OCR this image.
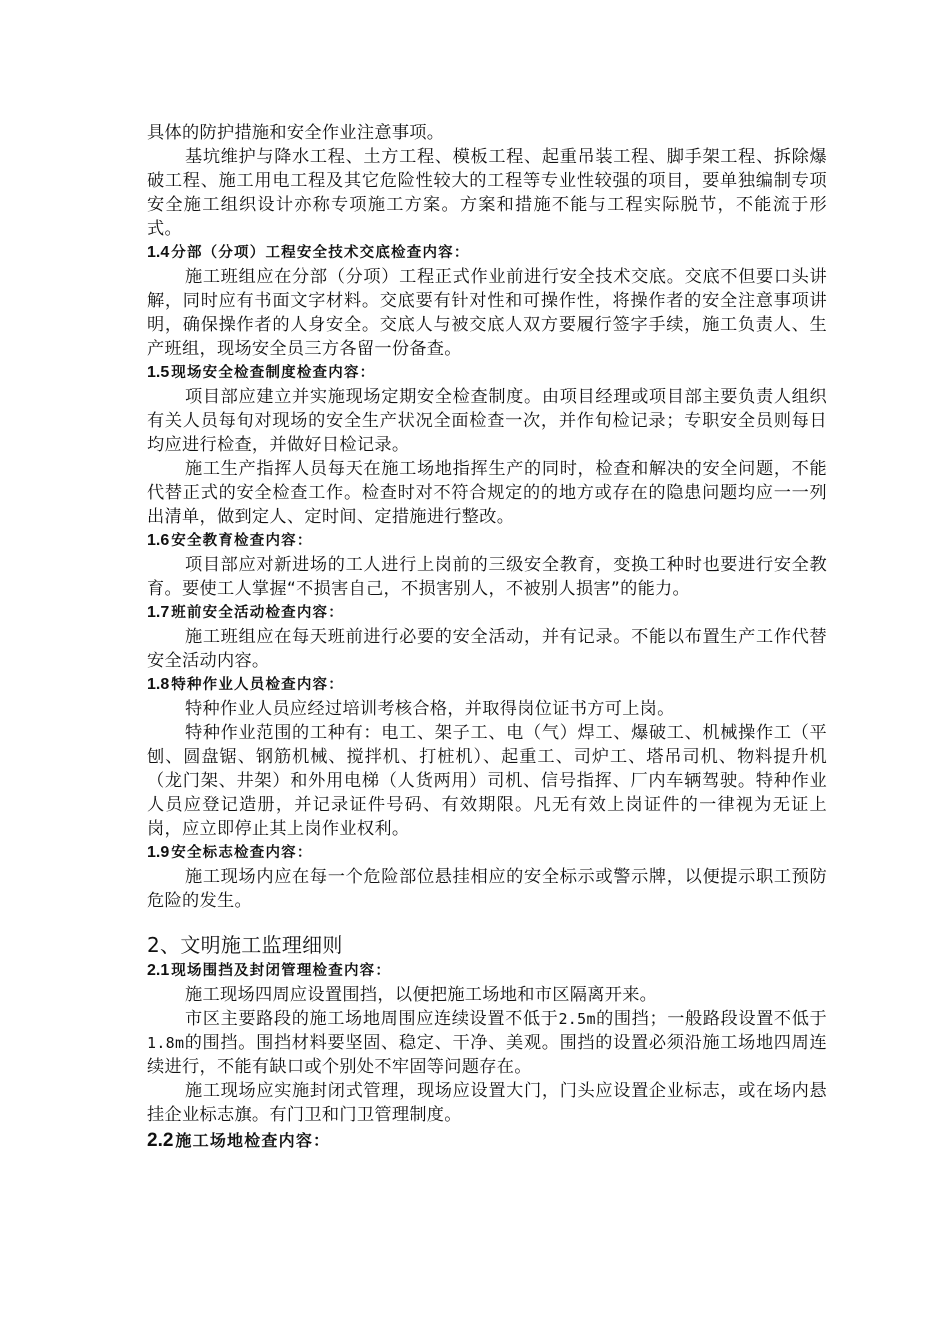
具体的防护措施和安全作业注意事项。

基坑维护与降水工程、土方工程、模板工程、起重吊装工程、脚手架工程、拆除爆破工程、施工用电工程及其它危险性较大的工程等专业性较强的项目，要单独编制专项安全施工组织设计亦称专项施工方案。方案和措施不能与工程实际脱节，不能流于形式。

1.4 分部（分项）工程安全技术交底检查内容：

施工班组应在分部（分项）工程正式作业前进行安全技术交底。交底不但要口头讲解，同时应有书面文字材料。交底要有针对性和可操作性，将操作者的安全注意事项讲明，确保操作者的人身安全。交底人与被交底人双方要履行签字手续，施工负责人、生产班组，现场安全员三方各留一份备查。

1.5 现场安全检查制度检查内容：

项目部应建立并实施现场定期安全检查制度。由项目经理或项目部主要负责人组织有关人员每旬对现场的安全生产状况全面检查一次，并作旬检记录；专职安全员则每日均应进行检查，并做好日检记录。

施工生产指挥人员每天在施工场地指挥生产的同时，检查和解决的安全问题，不能代替正式的安全检查工作。检查时对不符合规定的的地方或存在的隐患问题均应一一列出清单，做到定人、定时间、定措施进行整改。

1.6 安全教育检查内容：

项目部应对新进场的工人进行上岗前的三级安全教育，变换工种时也要进行安全教育。要使工人掌握“不损害自己，不损害别人，不被别人损害”的能力。

1.7 班前安全活动检查内容：

施工班组应在每天班前进行必要的安全活动，并有记录。不能以布置生产工作代替安全活动内容。

1.8 特种作业人员检查内容：

特种作业人员应经过培训考核合格，并取得岗位证书方可上岗。

特种作业范围的工种有：电工、架子工、电（气）焊工、爆破工、机械操作工（平刨、圆盘锯、钢筋机械、搅拌机、打桩机）、起重工、司炉工、塔吊司机、物料提升机（龙门架、井架）和外用电梯（人货两用）司机、信号指挥、厂内车辆驾驶。特种作业人员应登记造册，并记录证件号码、有效期限。凡无有效上岗证件的一律视为无证上岗，应立即停止其上岗作业权利。

1.9 安全标志检查内容：

施工现场内应在每一个危险部位悬挂相应的安全标示或警示牌，以便提示职工预防危险的发生。

2、文明施工监理细则
2.1 现场围挡及封闭管理检查内容：

施工现场四周应设置围挡，以便把施工场地和市区隔离开来。

市区主要路段的施工场地周围应连续设置不低于2.5m的围挡；一般路段设置不低于1.8m的围挡。围挡材料要坚固、稳定、干净、美观。围挡的设置必须沿施工场地四周连续进行，不能有缺口或个别处不牢固等问题存在。

施工现场应实施封闭式管理，现场应设置大门，门头应设置企业标志，或在场内悬挂企业标志旗。有门卫和门卫管理制度。

2.2 施工场地检查内容：
